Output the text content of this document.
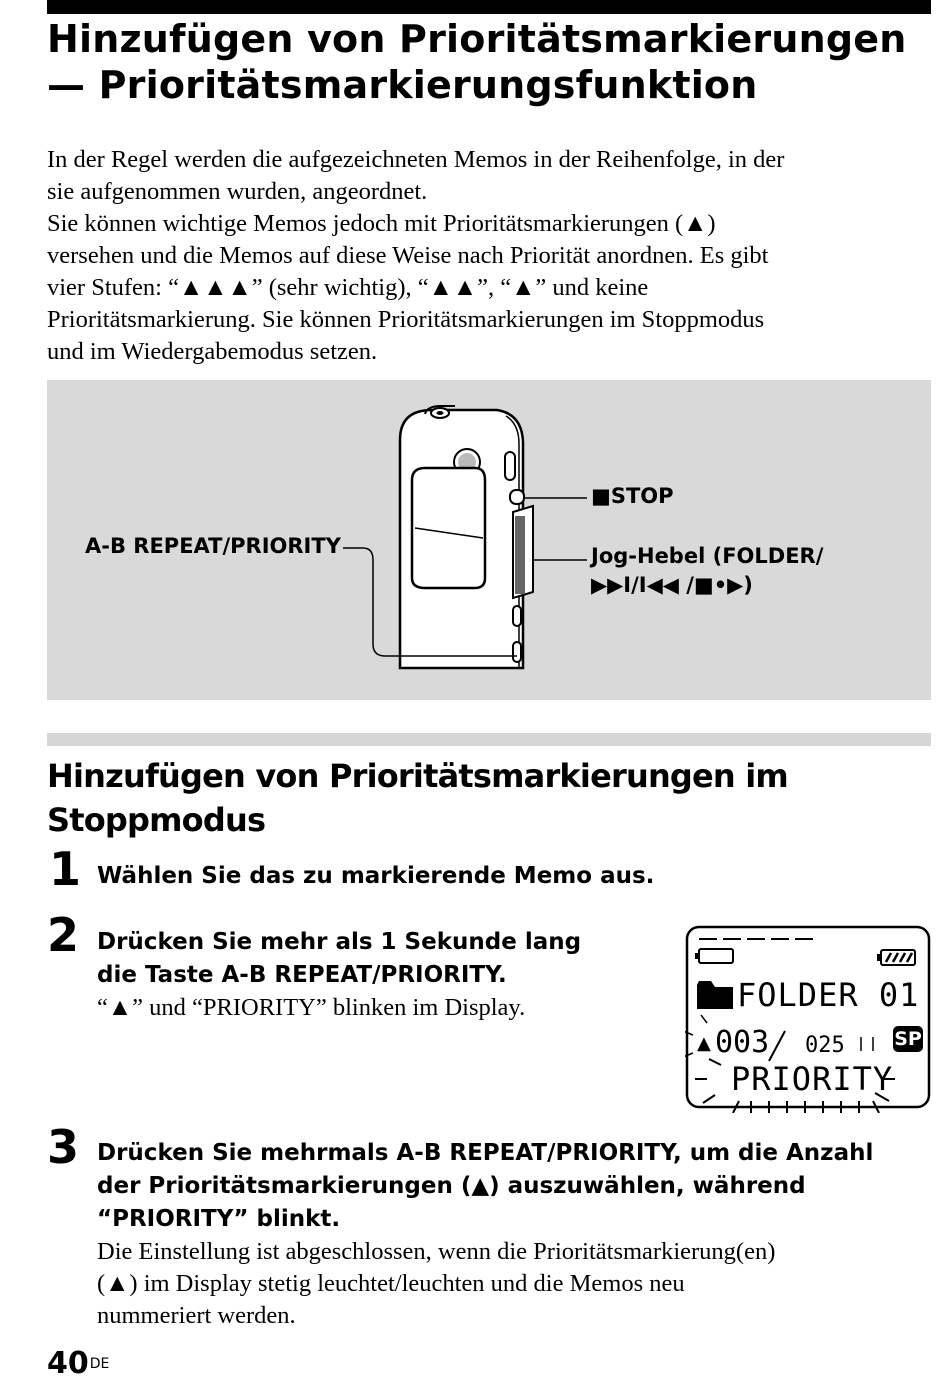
Hinzufügen von Prioritätsmarkierungen
— Prioritätsmarkierungsfunktion
In der Regel werden die aufgezeichneten Memos in der Reihenfolge, in der
sie aufgenommen wurden, angeordnet.
Sie können wichtige Memos jedoch mit Prioritätsmarkierungen (▲)
versehen und die Memos auf diese Weise nach Priorität anordnen. Es gibt
vier Stufen: “▲▲▲” (sehr wichtig), “▲▲”, “▲” und keine
Prioritätsmarkierung. Sie können Prioritätsmarkierungen im Stoppmodus
und im Wiedergabemodus setzen.
A-B REPEAT/PRIORITY
■STOP
Jog-Hebel (FOLDER/
▶▶I/I◀◀ /■•▶)
Hinzufügen von Prioritätsmarkierungen im
Stoppmodus
1 Wählen Sie das zu markierende Memo aus.
2 Drücken Sie mehr als 1 Sekunde lang
die Taste A-B REPEAT/PRIORITY.
“▲” und “PRIORITY” blinken im Display.	FOLDER 01
▲ 003 025	SP
PRIORITY
3 Drücken Sie mehrmals A-B REPEAT/PRIORITY, um die Anzahl
der Prioritätsmarkierungen (▲) auszuwählen, während
“PRIORITY” blinkt.
Die Einstellung ist abgeschlossen, wenn die Prioritätsmarkierung(en)
(▲) im Display stetig leuchtet/leuchten und die Memos neu
nummeriert werden.
40DE
